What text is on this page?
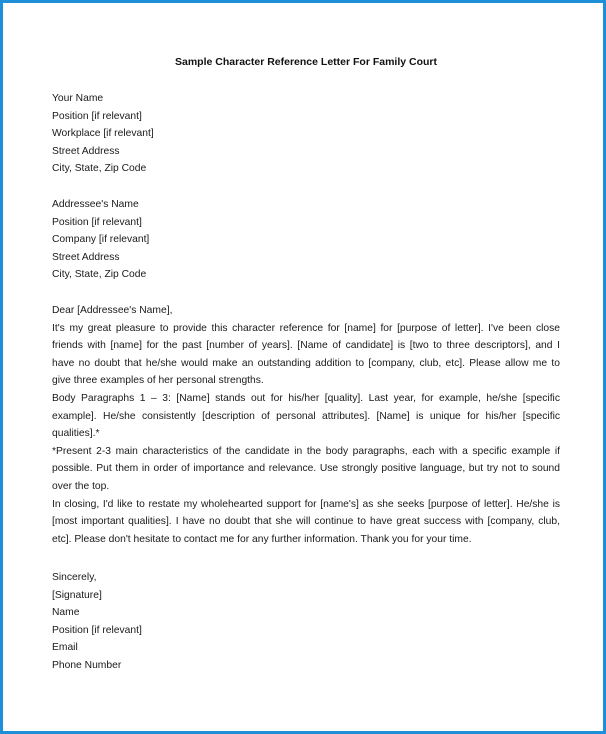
Sample Character Reference Letter For Family Court
Your Name
Position [if relevant]
Workplace [if relevant]
Street Address
City, State, Zip Code
Addressee's Name
Position [if relevant]
Company [if relevant]
Street Address
City, State, Zip Code
Dear [Addressee's Name],
It's my great pleasure to provide this character reference for [name] for [purpose of letter]. I've been close
friends with [name] for the past [number of years]. [Name of candidate] is [two to three descriptors], and I
have no doubt that he/she would make an outstanding addition to [company, club, etc]. Please allow me to
give three examples of her personal strengths.
Body Paragraphs 1 – 3: [Name] stands out for his/her [quality]. Last year, for example, he/she [specific
example]. He/she consistently [description of personal attributes]. [Name] is unique for his/her [specific
qualities].*
*Present 2-3 main characteristics of the candidate in the body paragraphs, each with a specific example if
possible. Put them in order of importance and relevance. Use strongly positive language, but try not to sound
over the top.
In closing, I'd like to restate my wholehearted support for [name's] as she seeks [purpose of letter]. He/she is
[most important qualities]. I have no doubt that she will continue to have great success with [company, club,
etc]. Please don't hesitate to contact me for any further information. Thank you for your time.
Sincerely,
[Signature]
Name
Position [if relevant]
Email
Phone Number
